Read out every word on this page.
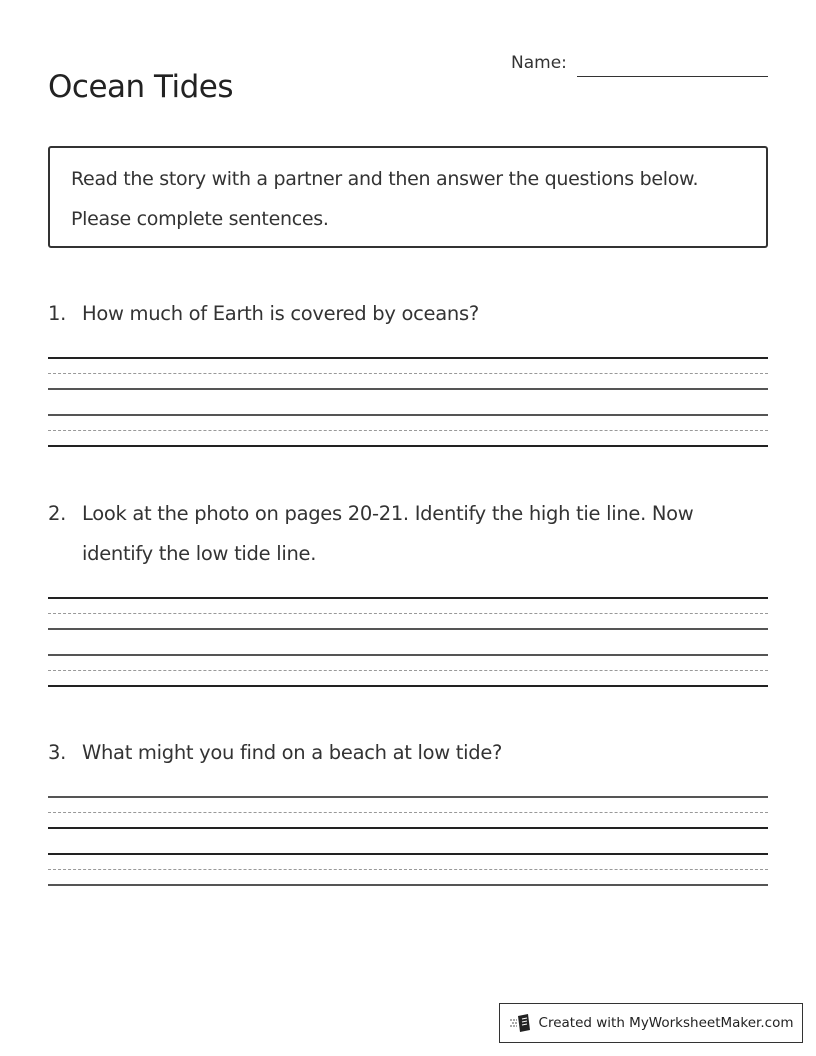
Ocean Tides
Name:

Read the story with a partner and then answer the questions below. Please complete sentences.

1. How much of Earth is covered by oceans?
2. Look at the photo on pages 20-21. Identify the high tie line. Now identify the low tide line.
3. What might you find on a beach at low tide?
Created with MyWorksheetMaker.com
